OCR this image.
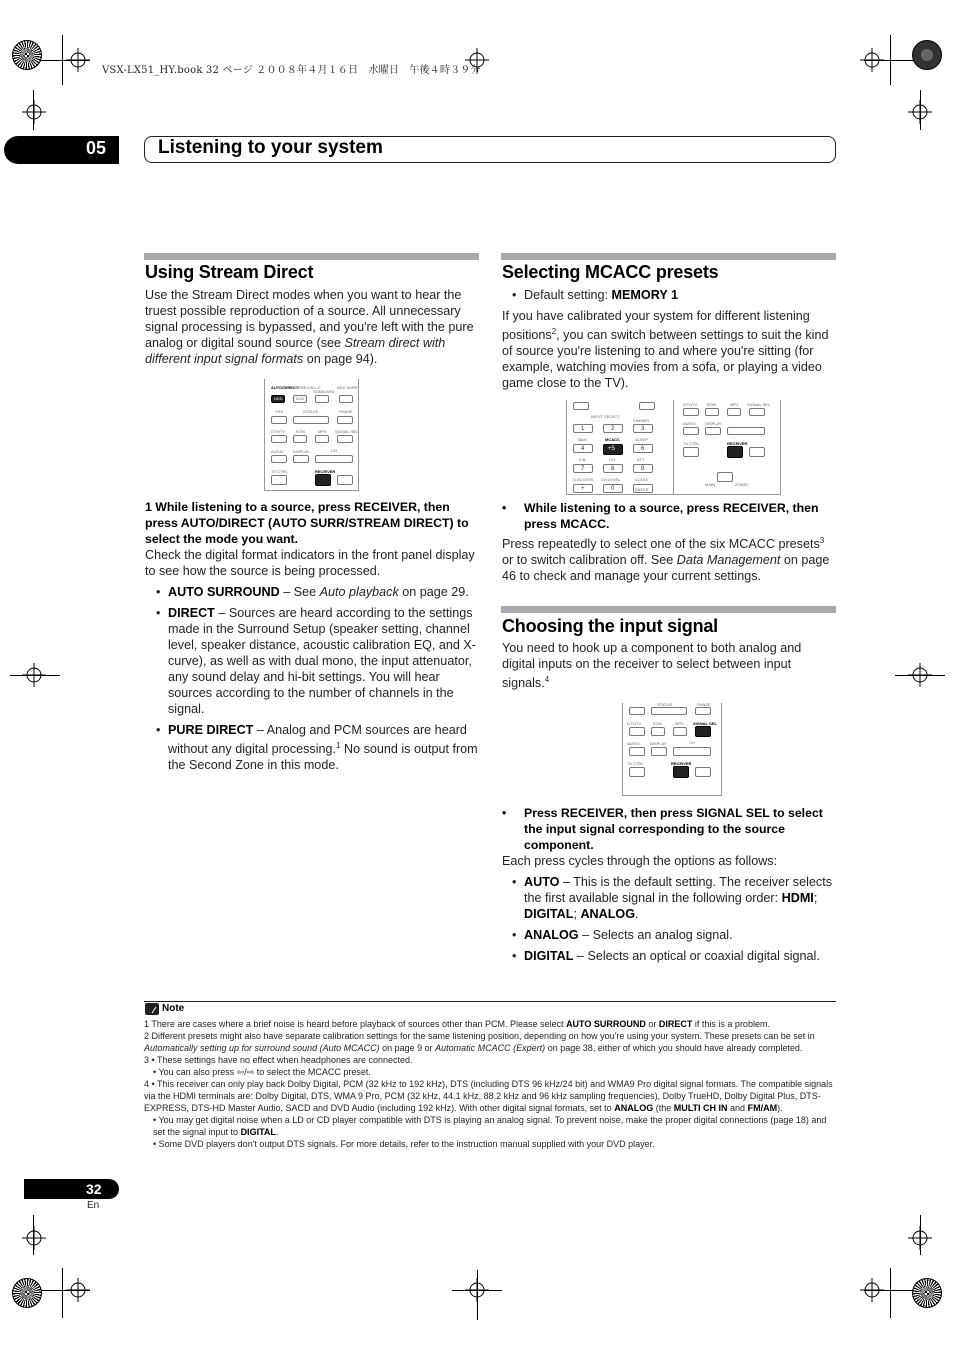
VSX-LX51_HY.book 32 ページ ２００８年４月１６日　水曜日　午後４時３９分
05	Listening to your system
Using Stream Direct

Use the Stream Direct modes when you want to hear the truest possible reproduction of a source. All unnecessary signal processing is bypassed, and you're left with the pure analog or digital sound source (see Stream direct with different input signal formats on page 94).

AUTO/DIRECT
STEREO/A.L.C.
STANDARD
ADV SURR
HDD	DVD
THX	STATUS	PHASE
DTV/TV	EON	MPX SIGNAL SEL
AUDIO DISPLAY	CH
TV CTRL	RECEIVER

1 While listening to a source, press RECEIVER, then press AUTO/DIRECT (AUTO SURR/STREAM DIRECT) to select the mode you want.

Check the digital format indicators in the front panel display to see how the source is being processed.

• AUTO SURROUND – See Auto playback on page 29.
• DIRECT – Sources are heard according to the settings made in the Surround Setup (speaker setting, channel level, speaker distance, acoustic calibration EQ, and X-curve), as well as with dual mono, the input attenuator, any sound delay and hi-bit settings. You will hear sources according to the number of channels in the signal.
• PURE DIRECT – Analog and PCM sources are heard without any digital processing.$^1$ No sound is output from the Second Zone in this mode.
Selecting MCACC presets
• Default setting: MEMORY 1

If you have calibrated your system for different listening positions$^2$, you can switch between settings to suit the kind of source you're listening to and where you're sitting (for example, watching movies from a sofa, or playing a video game close to the TV).

INPUT SELECT
DIMMER
1	2	3
SBch	MCACC	SLEEP
4	+5	6
S.B	CH	ATT
7	8	9
D.ACCESS CH LEVEL	CLASS
+	0	ENTER
DTV/TV EON	MPX SIGNAL SEL
AUDIO DISPLAY
TV CTRL	RECEIVER
MAIN	ZONE2

• While listening to a source, press RECEIVER, then press MCACC.

Press repeatedly to select one of the six MCACC presets$^3$ or to switch calibration off. See Data Management on page 46 to check and manage your current settings.

Choosing the input signal

You need to hook up a component to both analog and digital inputs on the receiver to select between input signals.$^4$

STATUS	PHASE
DTV/TV	EON	MPX SIGNAL SEL
AUDIO	DISPLAY	CH
TV CTRL	RECEIVER

• Press RECEIVER, then press SIGNAL SEL to select the input signal corresponding to the source component.

Each press cycles through the options as follows:

• AUTO – This is the default setting. The receiver selects the first available signal in the following order: HDMI; DIGITAL; ANALOG.
• ANALOG – Selects an analog signal.
• DIGITAL – Selects an optical or coaxial digital signal.
Note

1 There are cases where a brief noise is heard before playback of sources other than PCM. Please select AUTO SURROUND or DIRECT if this is a problem.

2 Different presets might also have separate calibration settings for the same listening position, depending on how you're using your system. These presets can be set in Automatically setting up for surround sound (Auto MCACC) on page 9 or Automatic MCACC (Expert) on page 38, either of which you should have already completed.

3 • These settings have no effect when headphones are connected.

• You can also press ⇦/⇨ to select the MCACC preset.

4 • This receiver can only play back Dolby Digital, PCM (32 kHz to 192 kHz), DTS (including DTS 96 kHz/24 bit) and WMA9 Pro digital signal formats. The compatible signals via the HDMI terminals are: Dolby Digital, DTS, WMA 9 Pro, PCM (32 kHz, 44.1 kHz, 88.2 kHz and 96 kHz sampling frequencies), Dolby TrueHD, Dolby Digital Plus, DTS-EXPRESS, DTS-HD Master Audio, SACD and DVD Audio (including 192 kHz). With other digital signal formats, set to ANALOG (the MULTI CH IN and FM/AM).

• You may get digital noise when a LD or CD player compatible with DTS is playing an analog signal. To prevent noise, make the proper digital connections (page 18) and set the signal input to DIGITAL.

• Some DVD players don't output DTS signals. For more details, refer to the instruction manual supplied with your DVD player.

32
En
